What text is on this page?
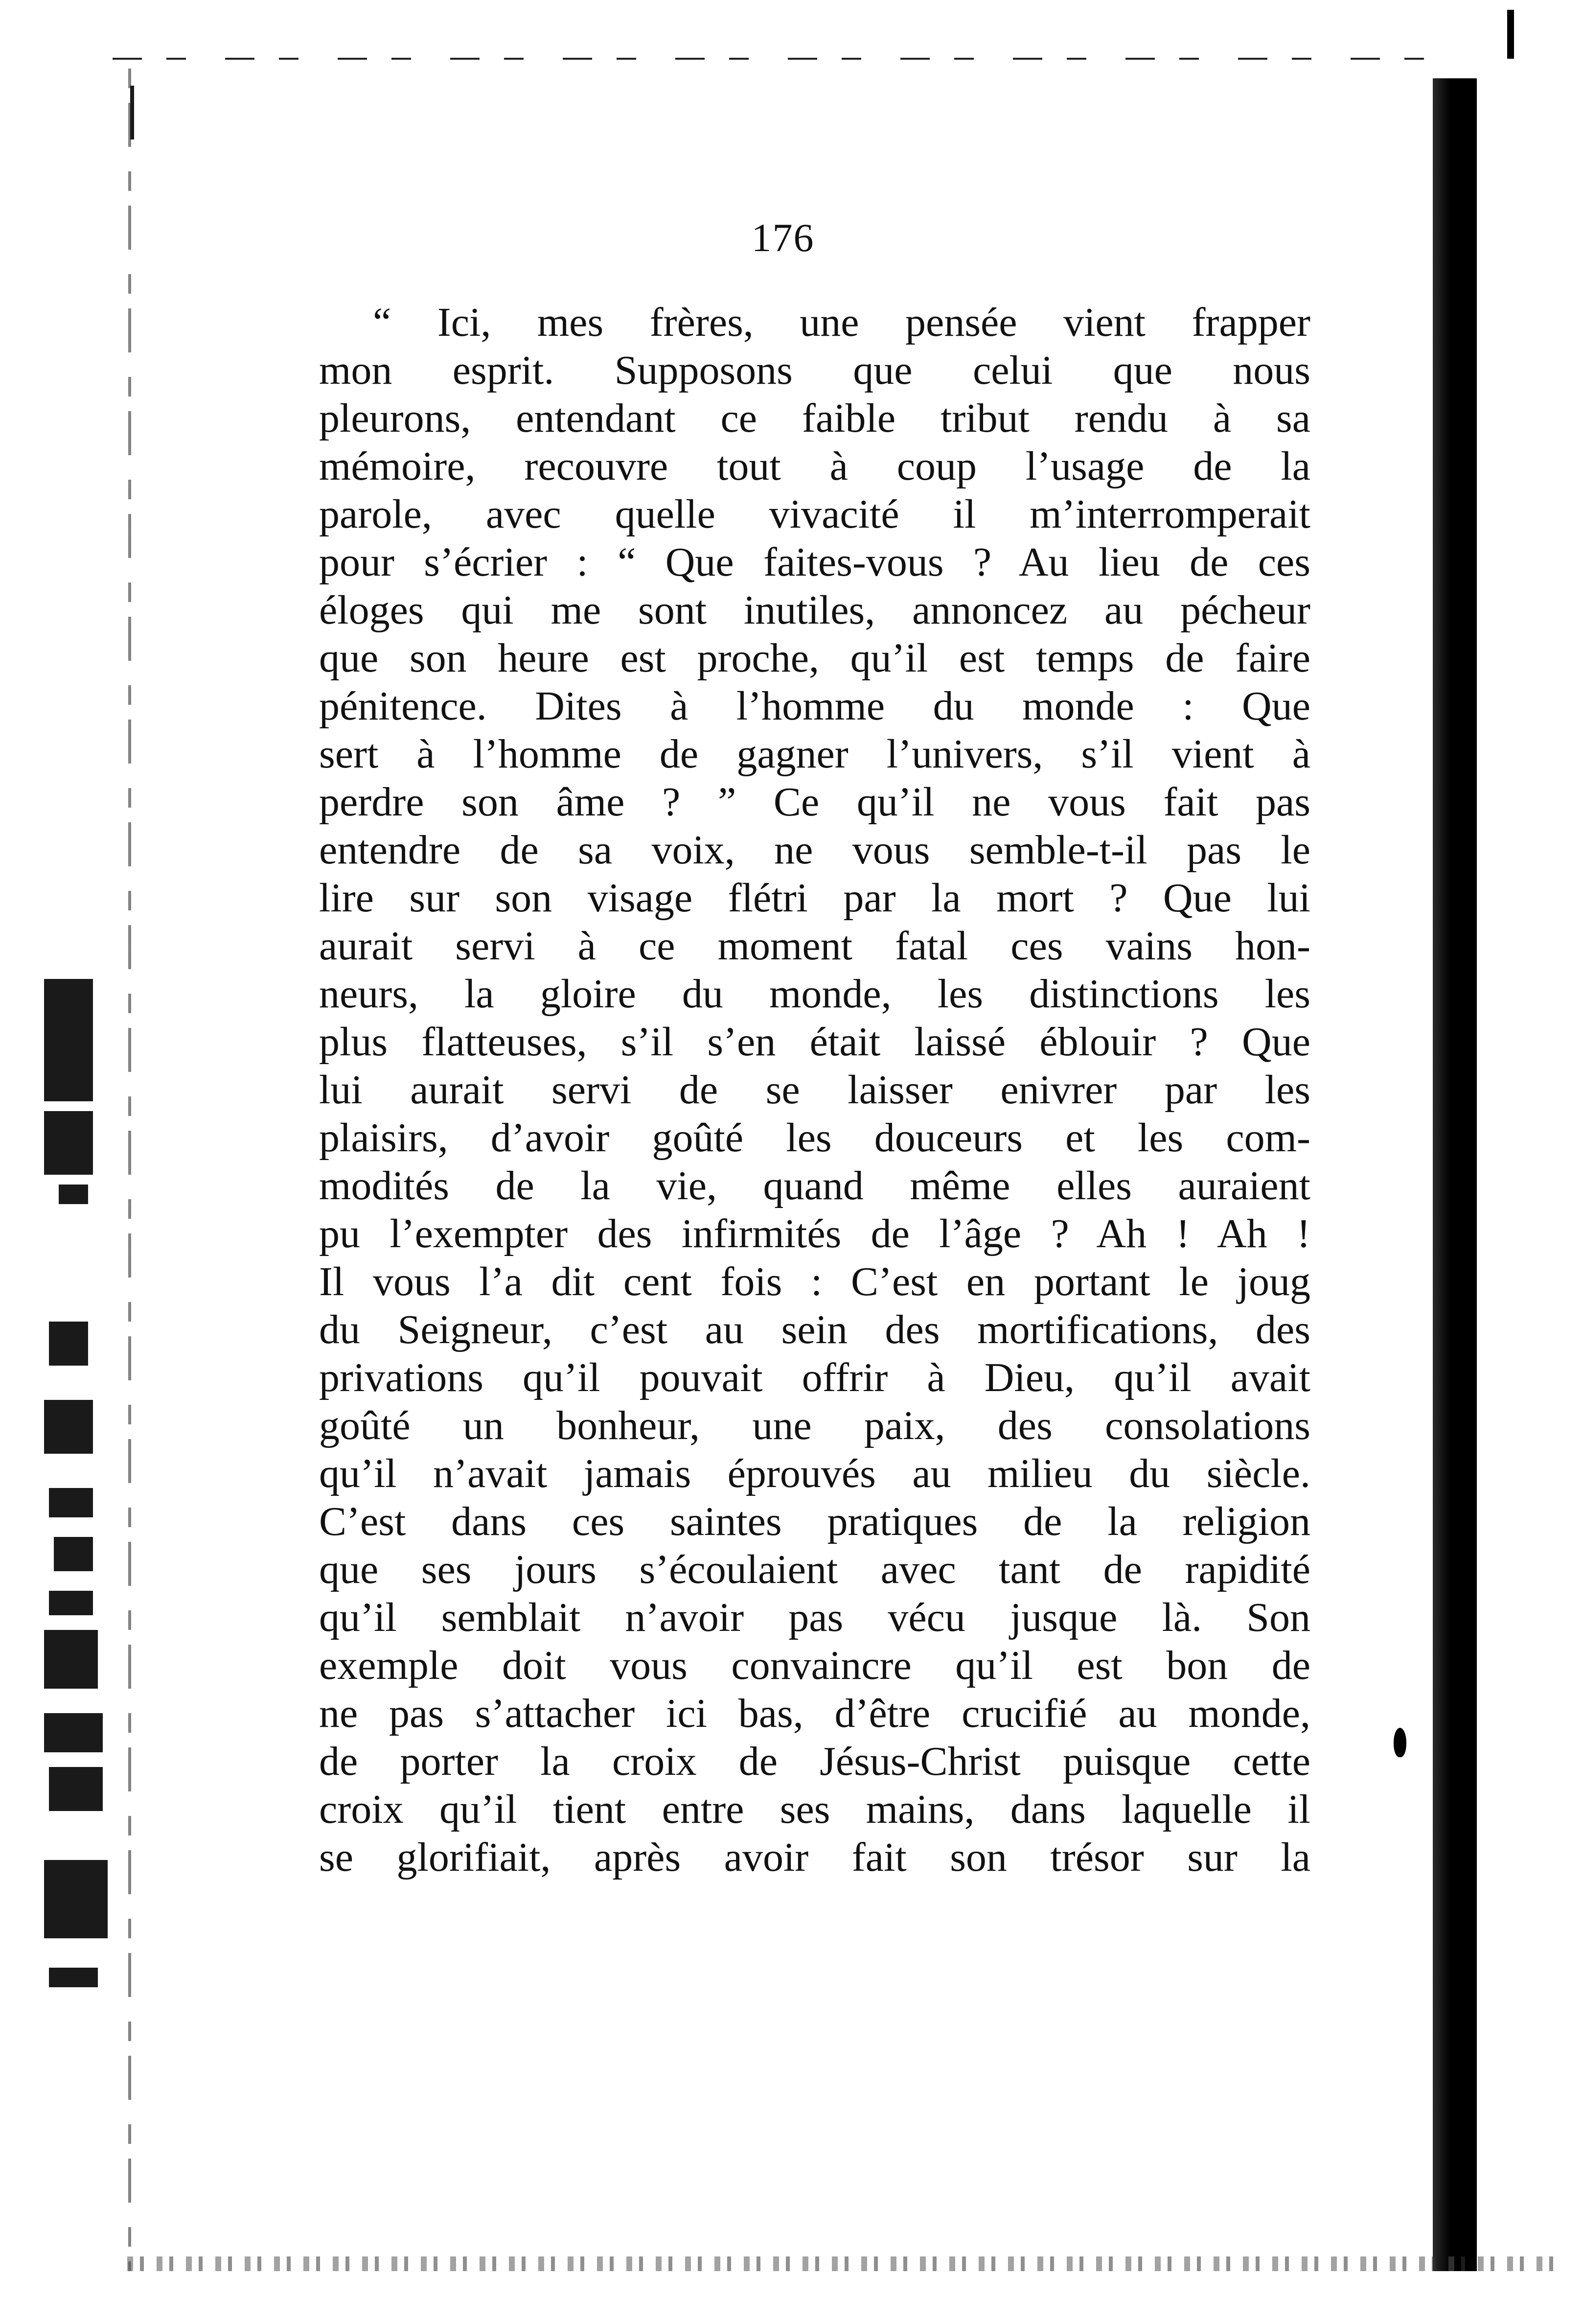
176
“ Ici, mes frères, une pensée vient frapper
mon esprit. Supposons que celui que nous
pleurons, entendant ce faible tribut rendu à sa
mémoire, recouvre tout à coup l’usage de la
parole, avec quelle vivacité il m’interromperait
pour s’écrier : “ Que faites-vous ? Au lieu de ces
éloges qui me sont inutiles, annoncez au pécheur
que son heure est proche, qu’il est temps de faire
pénitence. Dites à l’homme du monde : Que
sert à l’homme de gagner l’univers, s’il vient à
perdre son âme ? ” Ce qu’il ne vous fait pas
entendre de sa voix, ne vous semble-t-il pas le
lire sur son visage flétri par la mort ? Que lui
aurait servi à ce moment fatal ces vains hon-
neurs, la gloire du monde, les distinctions les
plus flatteuses, s’il s’en était laissé éblouir ? Que
lui aurait servi de se laisser enivrer par les
plaisirs, d’avoir goûté les douceurs et les com-
modités de la vie, quand même elles auraient
pu l’exempter des infirmités de l’âge ? Ah ! Ah !
Il vous l’a dit cent fois : C’est en portant le joug
du Seigneur, c’est au sein des mortifications, des
privations qu’il pouvait offrir à Dieu, qu’il avait
goûté un bonheur, une paix, des consolations
qu’il n’avait jamais éprouvés au milieu du siècle.
C’est dans ces saintes pratiques de la religion
que ses jours s’écoulaient avec tant de rapidité
qu’il semblait n’avoir pas vécu jusque là. Son
exemple doit vous convaincre qu’il est bon de
ne pas s’attacher ici bas, d’être crucifié au monde,
de porter la croix de Jésus-Christ puisque cette
croix qu’il tient entre ses mains, dans laquelle il
se glorifiait, après avoir fait son trésor sur la
